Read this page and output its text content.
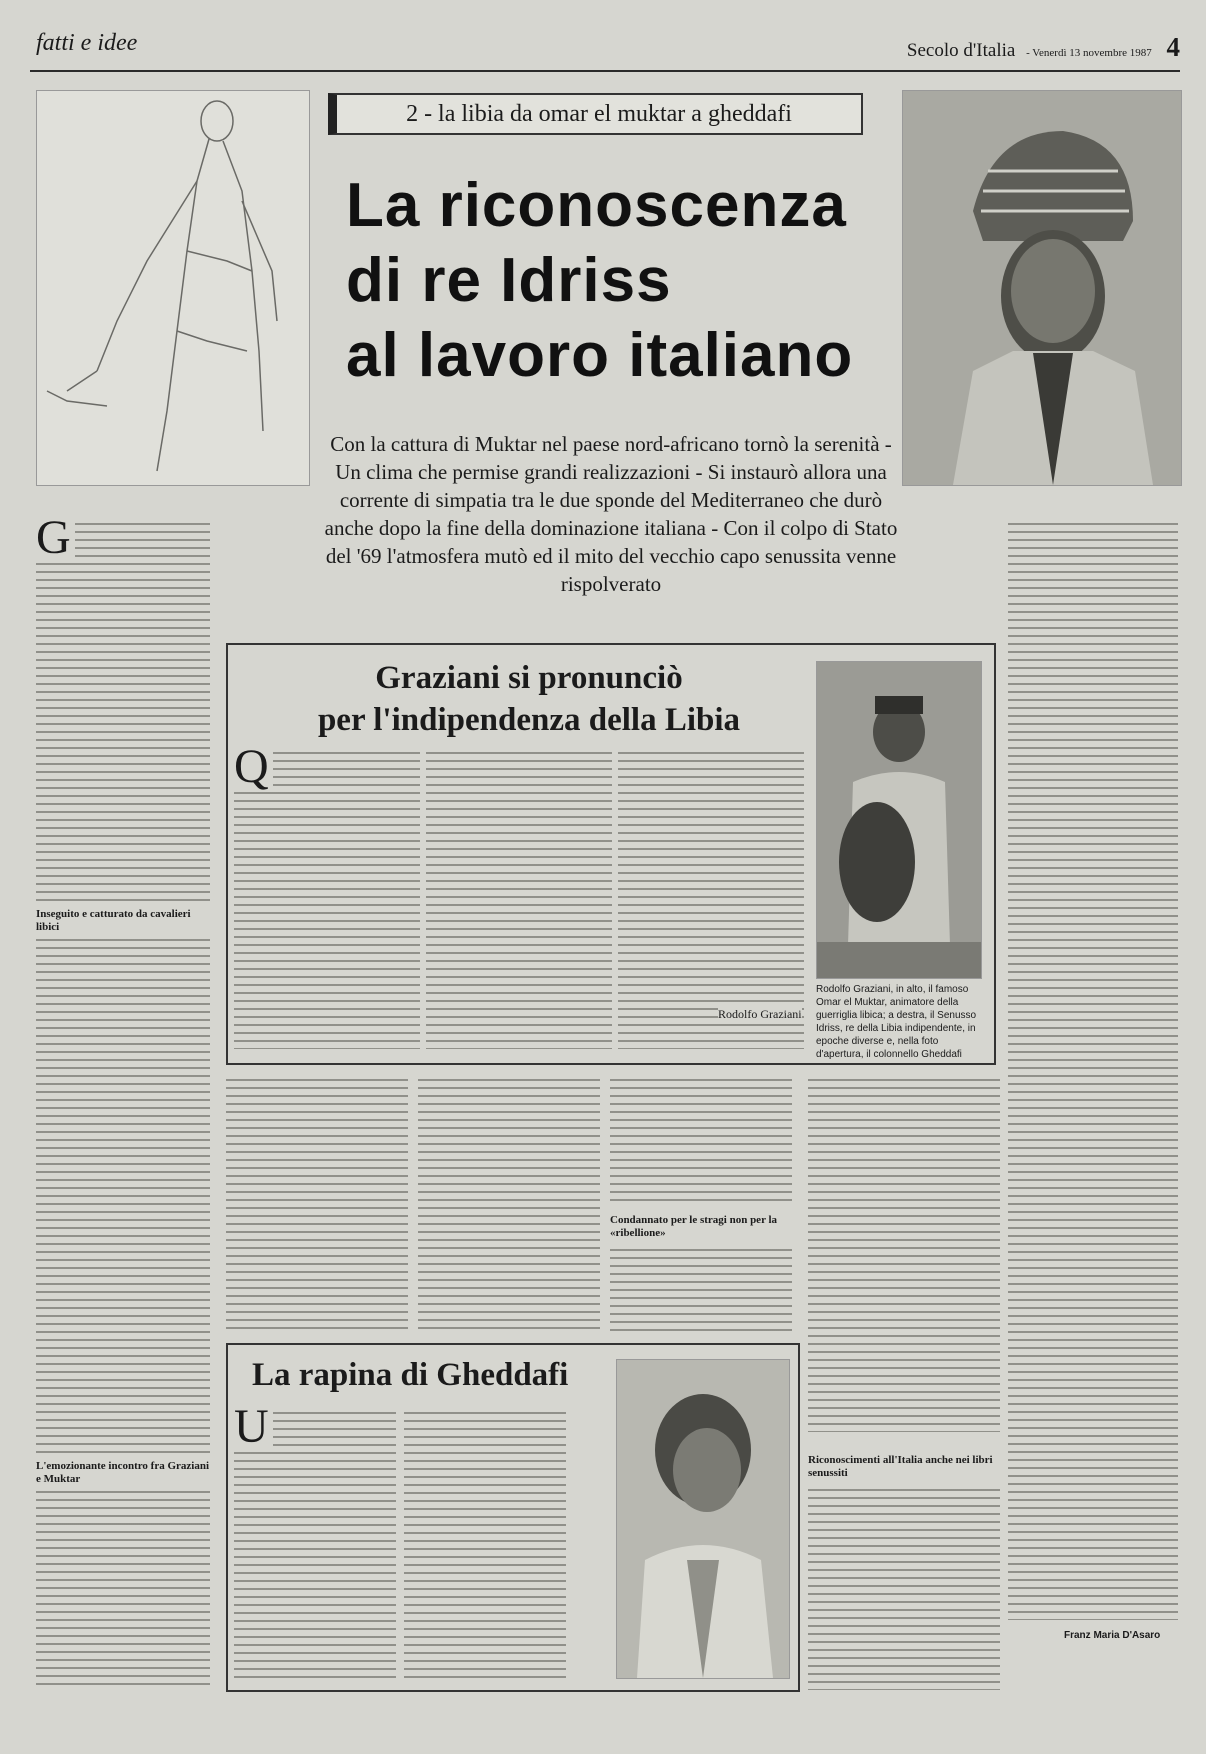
fatti e idee	Secolo d'Italia - Venerdì 13 novembre 1987 4
2 - la libia da omar el muktar a gheddafi
La riconoscenza
di re Idriss
al lavoro italiano
Con la cattura di Muktar nel paese nord-africano tornò la serenità - Un clima che permise grandi realizzazioni - Si instaurò allora una corrente di simpatia tra le due sponde del Mediterraneo che durò anche dopo la fine della dominazione italiana - Con il colpo di Stato del '69 l'atmosfera mutò ed il mito del vecchio capo senussita venne rispolverato
G
Inseguito e catturato da cavalieri libici
L'emozionante incontro fra Graziani e Muktar
Graziani si pronunciò
per l'indipendenza della Libia
Q
Rodolfo Graziani
Rodolfo Graziani, in alto, il famoso Omar el Muktar, animatore della guerriglia libica; a destra, il Senusso Idriss, re della Libia indipendente, in epoche diverse e, nella foto d'apertura, il colonnello Gheddafi
Condannato per le stragi non per la «ribellione»
Riconoscimenti all'Italia anche nei libri senussiti
La rapina di Gheddafi
U
Franz Maria D'Asaro
